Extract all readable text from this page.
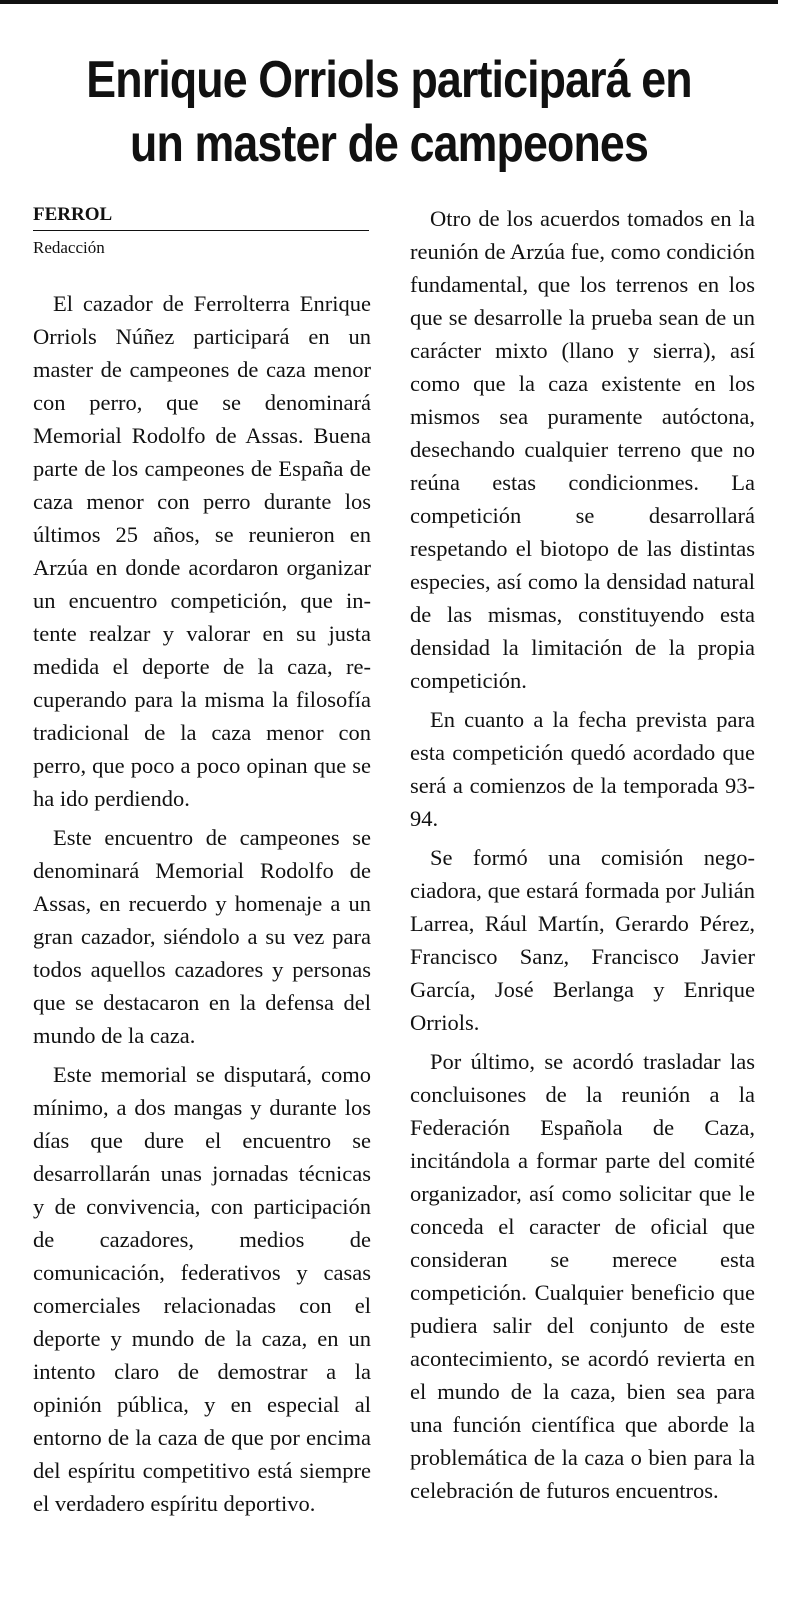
Enrique Orriols participará en
un master de campeones

FERROL

Redacción

El cazador de Ferrolterra Enrique Orriols Núñez participará en un master de campeones de caza menor con perro, que se denominará Memorial Rodolfo de Assas. Buena parte de los campeones de España de caza menor con perro durante los últimos 25 años, se reunieron en Arzúa en donde acordaron organizar un encuentro competición, que intente realzar y valorar en su justa medida el deporte de la caza, recuperando para la misma la filosofía tradicional de la caza menor con perro, que poco a poco opinan que se ha ido perdiendo.

Este encuentro de campeones se denominará Memorial Rodolfo de Assas, en recuerdo y homenaje a un gran cazador, siéndolo a su vez para todos aquellos cazadores y personas que se destacaron en la defensa del mundo de la caza.

Este memorial se disputará, como mínimo, a dos mangas y durante los días que dure el encuentro se desarrollarán unas jornadas técnicas y de convivencia, con participación de cazadores, medios de comunicación, federativos y casas comerciales relacionadas con el deporte y mundo de la caza, en un intento claro de demostrar a la opinión pública, y en especial al entorno de la caza de que por encima del espíritu competitivo está siempre el verdadero espíritu deportivo.

Otro de los acuerdos tomados en la reunión de Arzúa fue, como condición fundamental, que los terrenos en los que se desarrolle la prueba sean de un carácter mixto (llano y sierra), así como que la caza existente en los mismos sea puramente autóctona, desechando cualquier terreno que no reúna estas condicionmes. La competición se desarrollará respetando el biotopo de las distintas especies, así como la densidad natural de las mismas, constituyendo esta densidad la limitación de la propia competición.

En cuanto a la fecha prevista para esta competición quedó acordado que será a comienzos de la temporada 93-94.

Se formó una comisión negociadora, que estará formada por Julián Larrea, Rául Martín, Gerardo Pérez, Francisco Sanz, Francisco Javier García, José Berlanga y Enrique Orriols.

Por último, se acordó trasladar las concluisones de la reunión a la Federación Española de Caza, incitándola a formar parte del comité organizador, así como solicitar que le conceda el caracter de oficial que consideran se merece esta competición. Cualquier beneficio que pudiera salir del conjunto de este acontecimiento, se acordó revierta en el mundo de la caza, bien sea para una función científica que aborde la problemática de la caza o bien para la celebración de futuros encuentros.
